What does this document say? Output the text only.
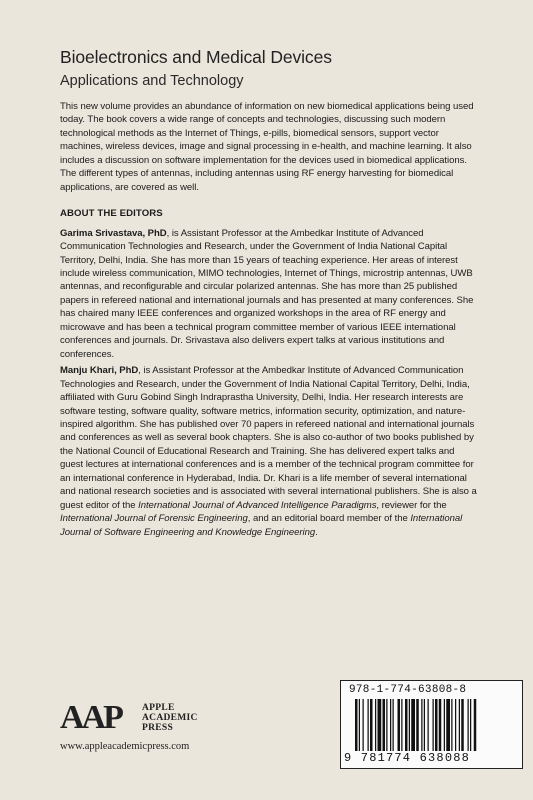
Bioelectronics and Medical Devices
Applications and Technology

This new volume provides an abundance of information on new biomedical applications being used today. The book covers a wide range of concepts and technologies, discussing such modern technological methods as the Internet of Things, e-pills, biomedical sensors, support vector machines, wireless devices, image and signal processing in e-health, and machine learning. It also includes a discussion on software implementation for the devices used in biomedical applications. The different types of antennas, including antennas using RF energy harvesting for biomedical applications, are covered as well.

ABOUT THE EDITORS

Garima Srivastava, PhD, is Assistant Professor at the Ambedkar Institute of Advanced Communication Technologies and Research, under the Government of India National Capital Territory, Delhi, India. She has more than 15 years of teaching experience. Her areas of interest include wireless communication, MIMO technologies, Internet of Things, microstrip antennas, UWB antennas, and reconfigurable and circular polarized antennas. She has more than 25 published papers in refereed national and international journals and has presented at many conferences. She has chaired many IEEE conferences and organized workshops in the area of RF energy and microwave and has been a technical program committee member of various IEEE international conferences and journals. Dr. Srivastava also delivers expert talks at various institutions and conferences.

Manju Khari, PhD, is Assistant Professor at the Ambedkar Institute of Advanced Communication Technologies and Research, under the Government of India National Capital Territory, Delhi, India, affiliated with Guru Gobind Singh Indraprastha University, Delhi, India. Her research interests are software testing, software quality, software metrics, information security, optimization, and nature-inspired algorithm. She has published over 70 papers in refereed national and international journals and conferences as well as several book chapters. She is also co-author of two books published by the National Council of Educational Research and Training. She has delivered expert talks and guest lectures at international conferences and is a member of the technical program committee for an international conference in Hyderabad, India. Dr. Khari is a life member of several international and national research societies and is associated with several international publishers. She is also a guest editor of the International Journal of Advanced Intelligence Paradigms, reviewer for the International Journal of Forensic Engineering, and an editorial board member of the International Journal of Software Engineering and Knowledge Engineering.

AAP APPLE
ACADEMIC
PRESS
www.appleacademicpress.com
978-1-774-63808-8
9 781774 638088
